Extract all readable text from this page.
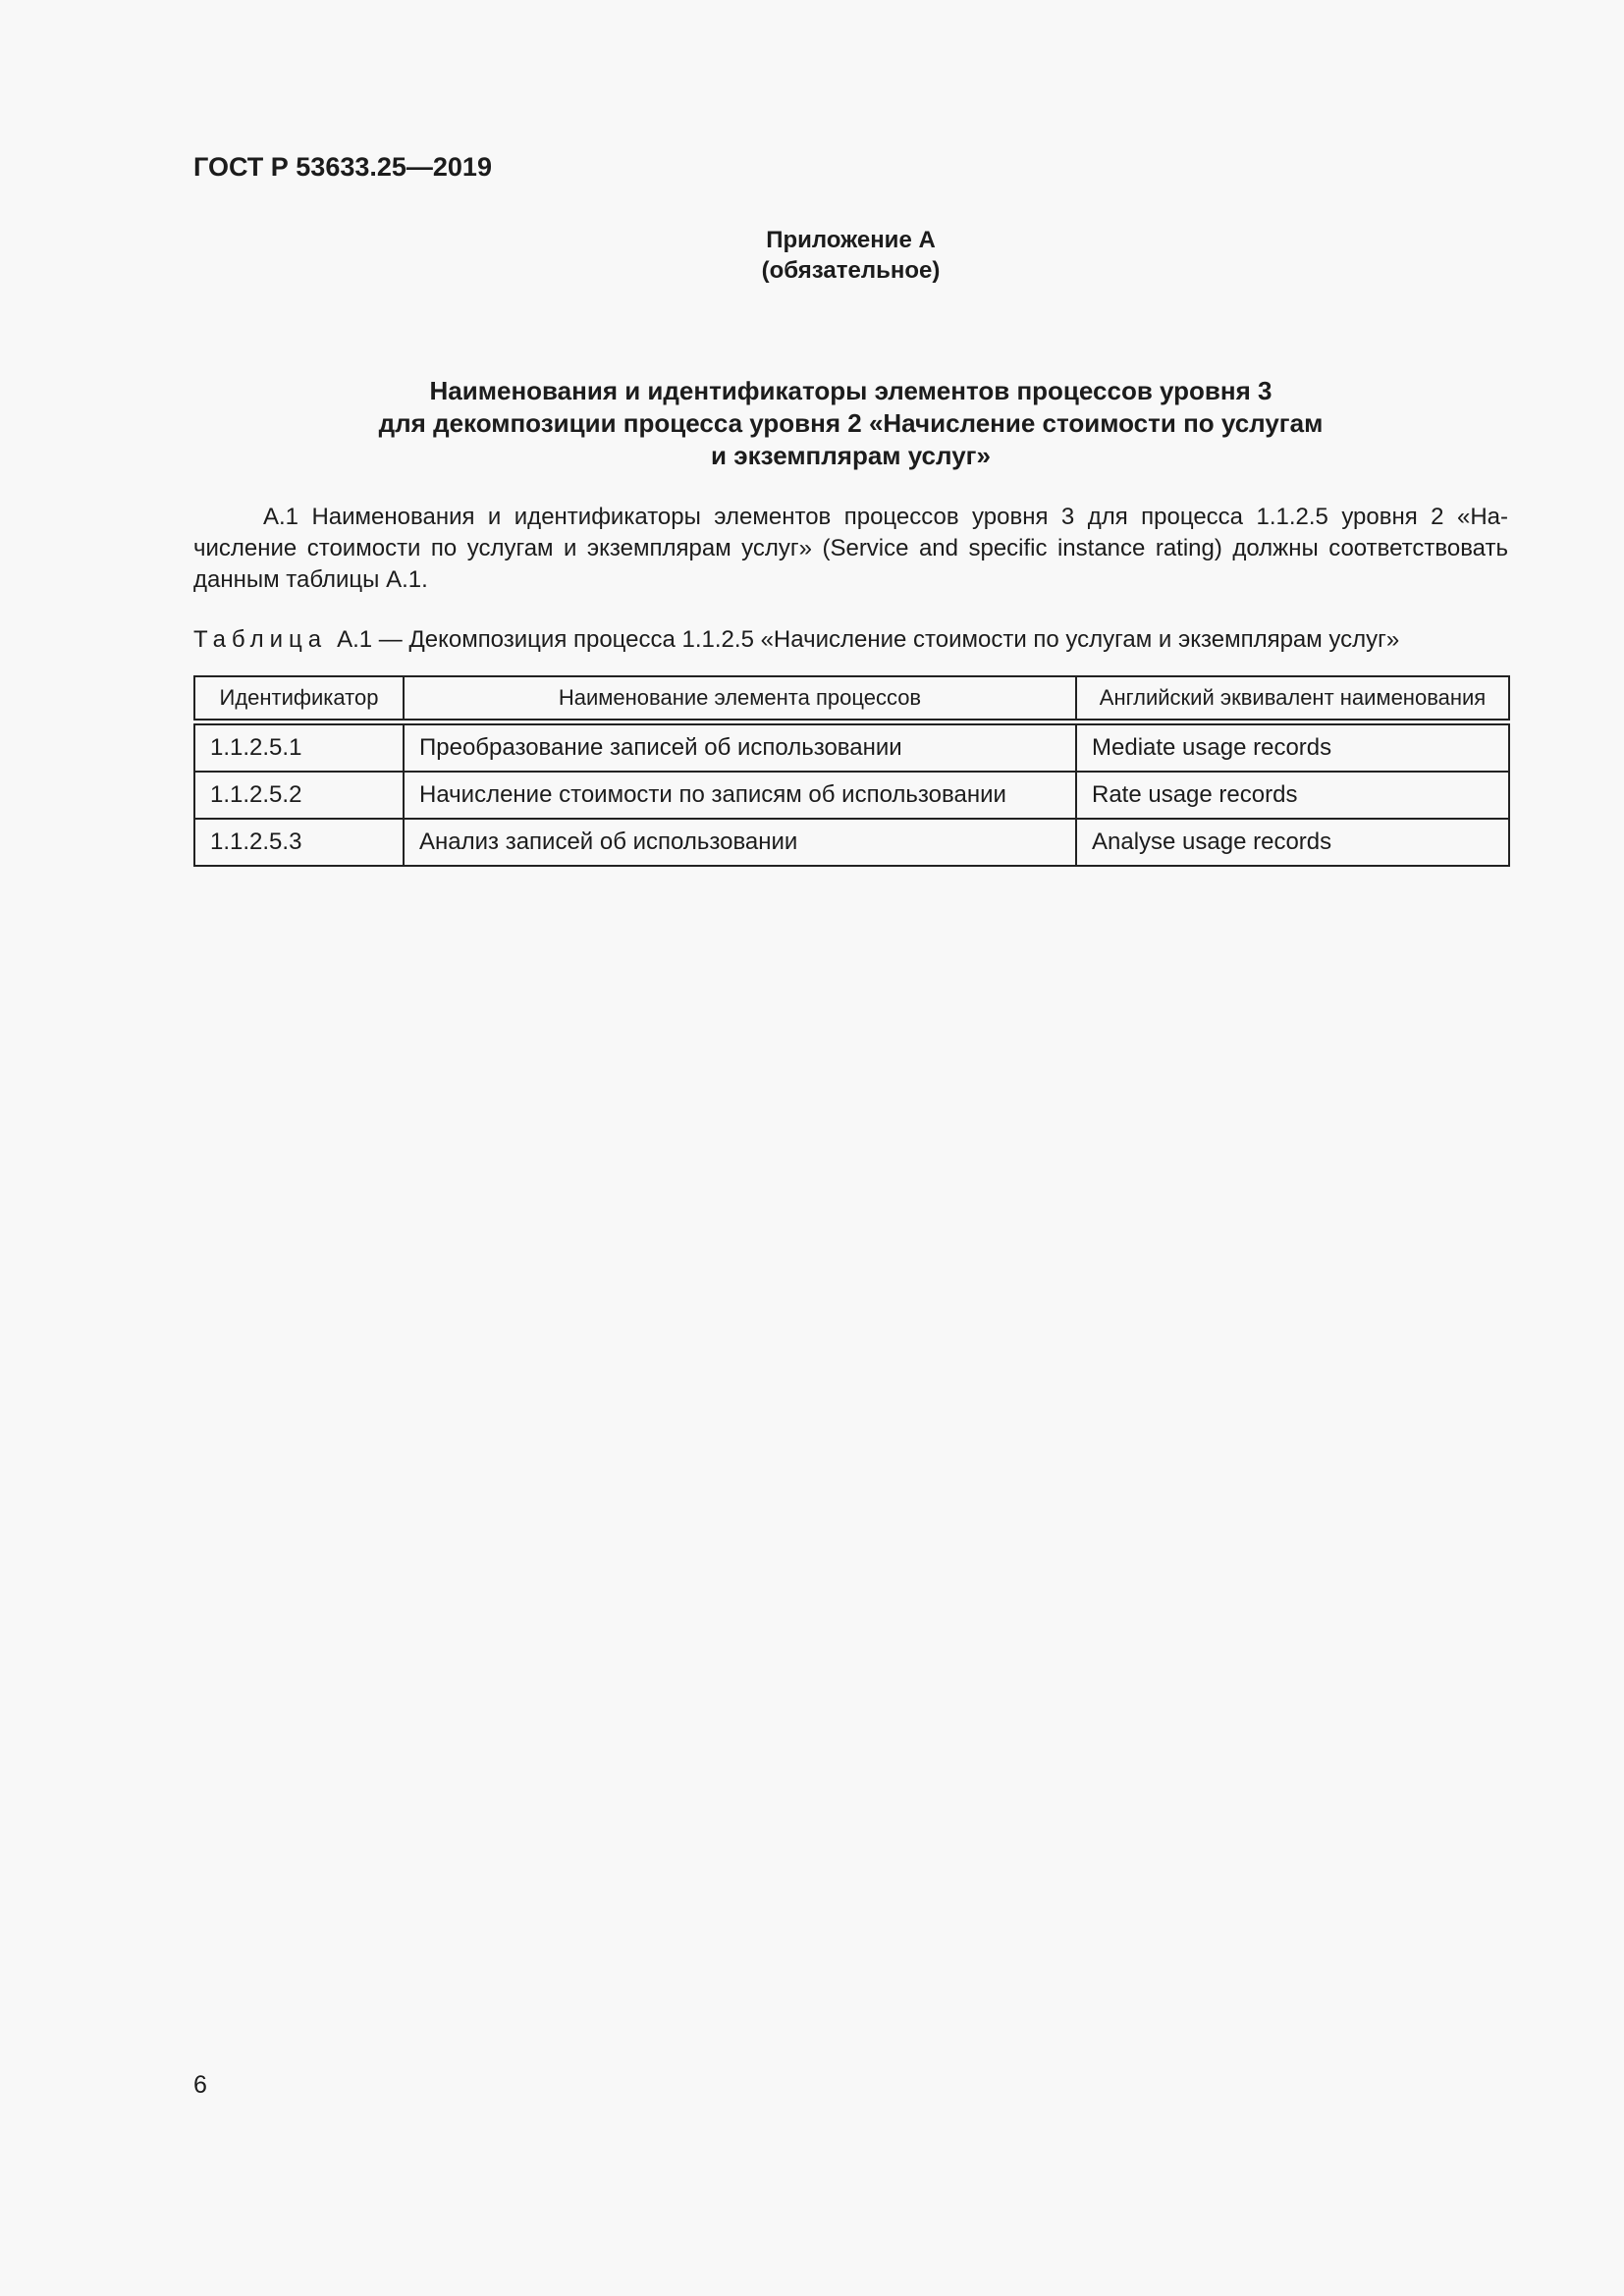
ГОСТ Р 53633.25—2019
Приложение А
(обязательное)
Наименования и идентификаторы элементов процессов уровня 3
для декомпозиции процесса уровня 2 «Начисление стоимости по услугам
и экземплярам услуг»
А.1 Наименования и идентификаторы элементов процессов уровня 3 для процесса 1.1.2.5 уровня 2 «На-
числение стоимости по услугам и экземплярам услуг» (Service and specific instance rating) должны соответствовать
данным таблицы А.1.
Таблица А.1 — Декомпозиция процесса 1.1.2.5 «Начисление стоимости по услугам и экземплярам услуг»
Идентификатор	Наименование элемента процессов	Английский эквивалент наименования
1.1.2.5.1	Преобразование записей об использовании	Mediate usage records
1.1.2.5.2	Начисление стоимости по записям об использовании	Rate usage records
1.1.2.5.3	Анализ записей об использовании	Analyse usage records
6
